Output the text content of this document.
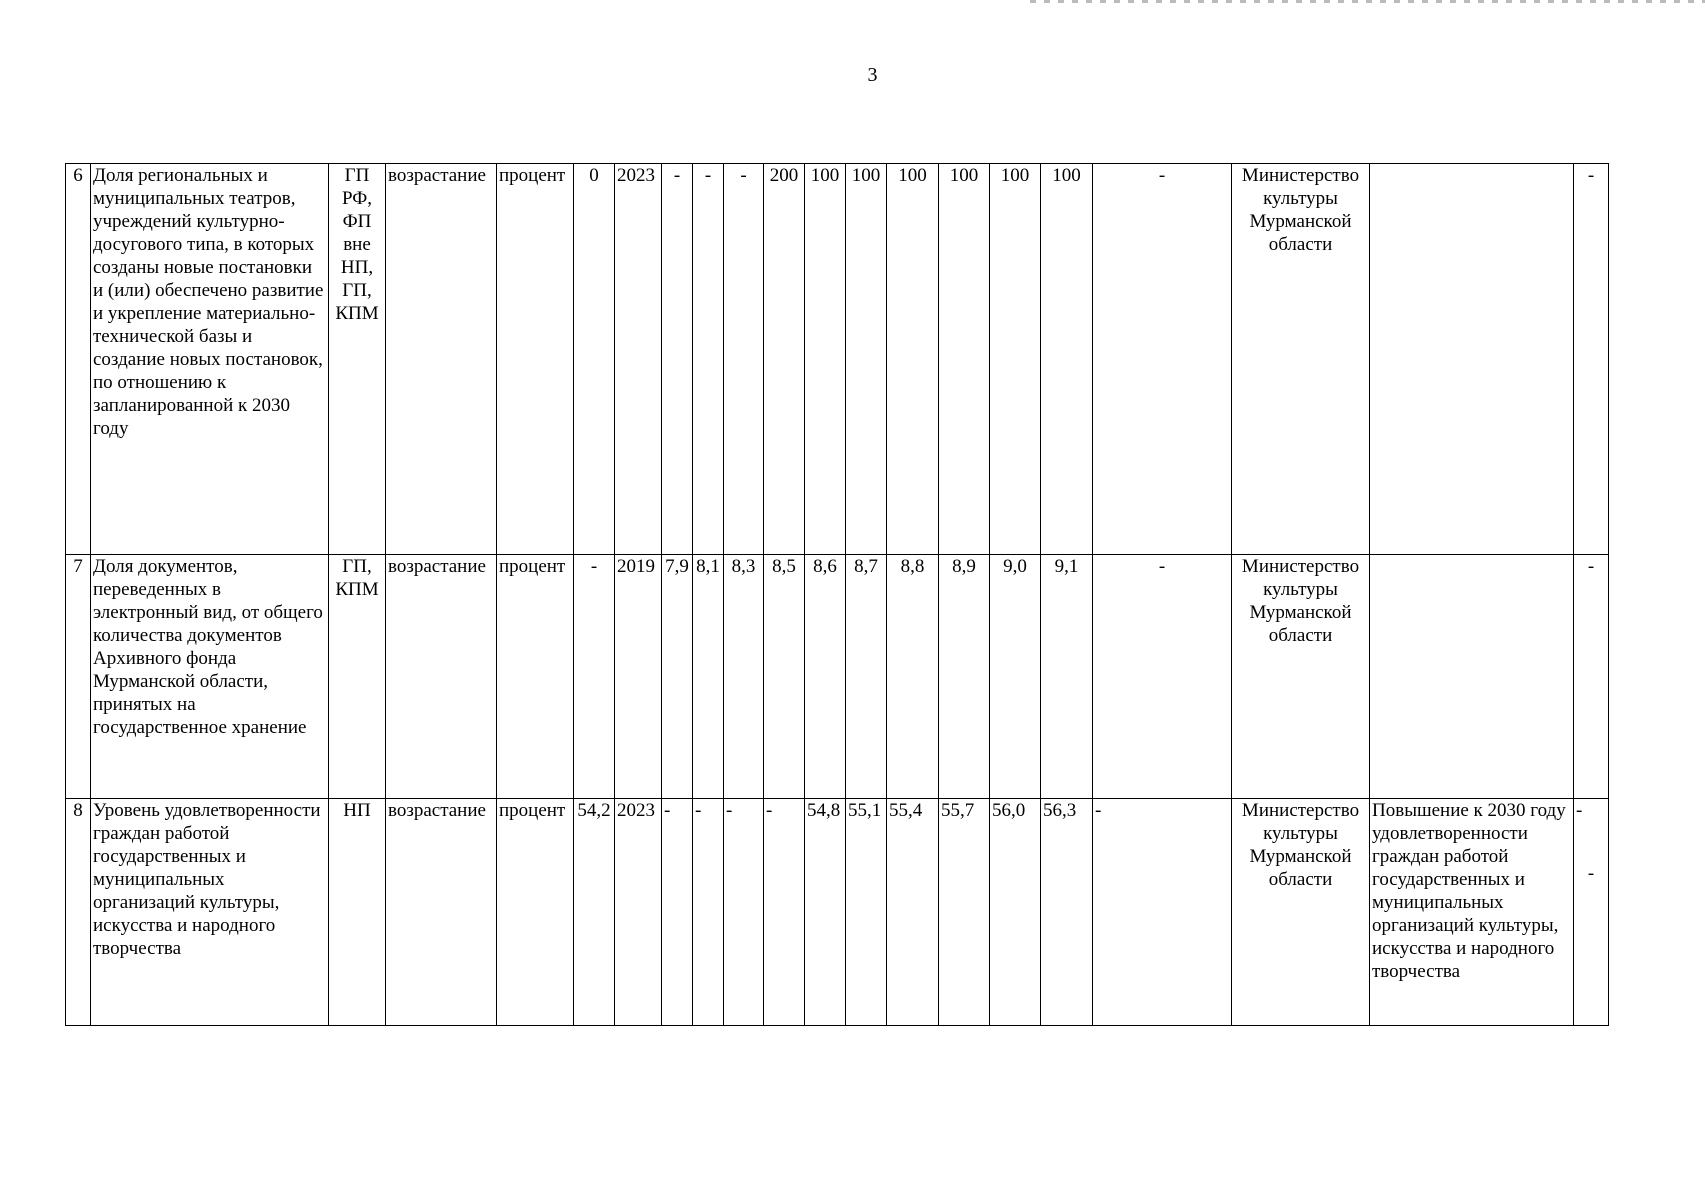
3
6	Доля региональных и муниципальных театров, учреждений культурно-досугового типа, в которых созданы новые постановки и (или) обеспечено развитие и укрепление материально-технической базы и создание новых постановок, по отношению к запланированной к 2030 году	ГП РФ, ФП вне НП, ГП, КПМ	возрастание	процент	0	2023	-	-	-	200	100	100	100	100	100	100	-	Министерство культуры Мурманской области		-
7	Доля документов, переведенных в электронный вид, от общего количества документов Архивного фонда Мурманской области, принятых на государственное хранение	ГП, КПМ	возрастание	процент	-	2019	7,9	8,1	8,3	8,5	8,6	8,7	8,8	8,9	9,0	9,1	-	Министерство культуры Мурманской области		-
8	Уровень удовлетворенности граждан работой государственных и муниципальных организаций культуры, искусства и народного творчества	НП	возрастание	процент	54,2	2023	-	-	-	-	54,8	55,1	55,4	55,7	56,0	56,3	-	Министерство культуры Мурманской области	Повышение к 2030 году удовлетворенности граждан работой государственных и муниципальных организаций культуры, искусства и народного творчества	-
-
